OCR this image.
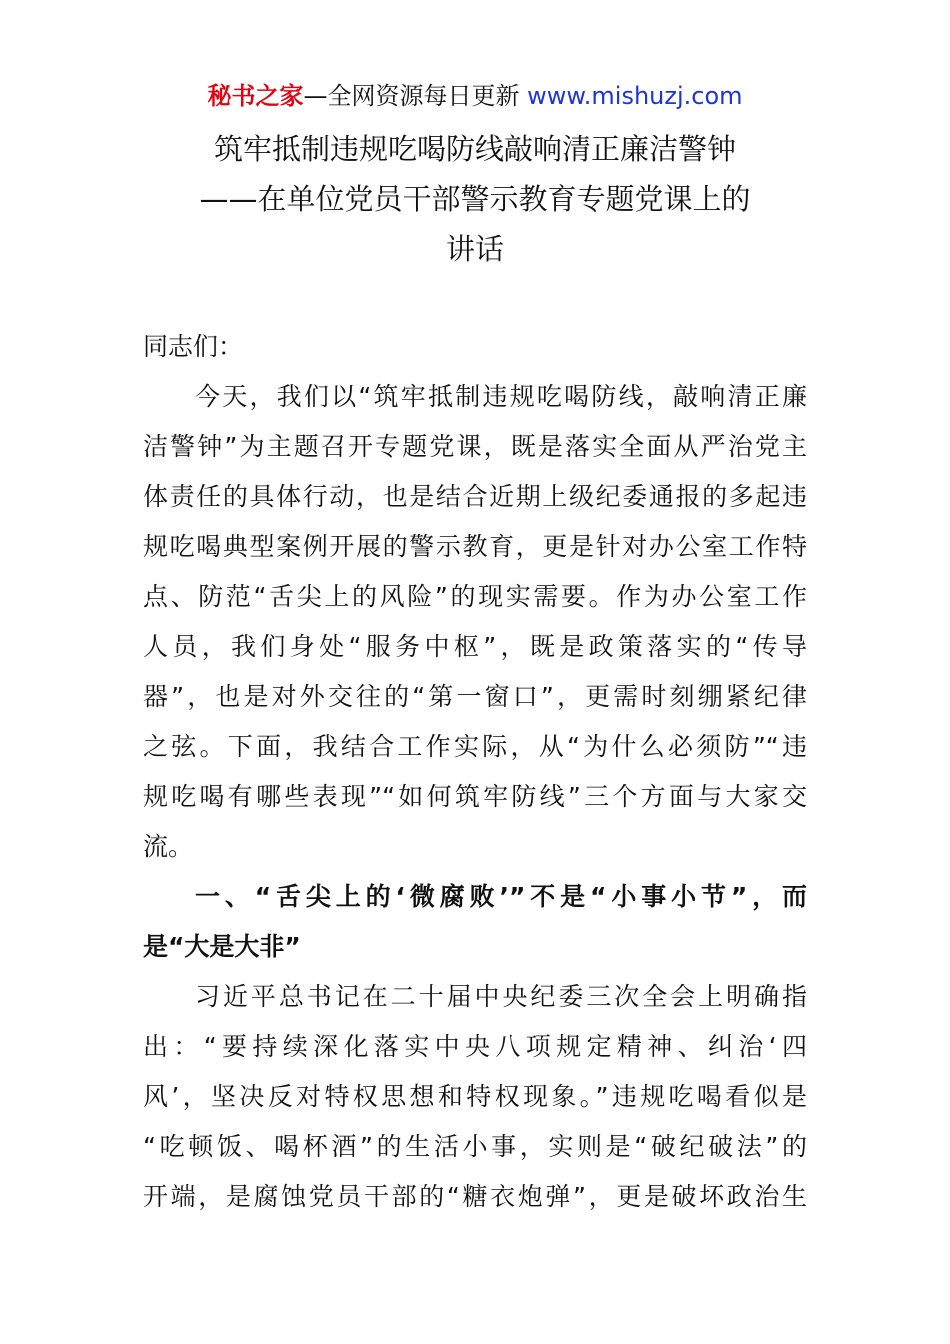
秘书之家—全网资源每日更新 www.mishuzj.com
筑牢抵制违规吃喝防线敲响清正廉洁警钟
——在单位党员干部警示教育专题党课上的
讲话
同志们：
今天，我们以“筑牢抵制违规吃喝防线，敲响清正廉
洁警钟”为主题召开专题党课，既是落实全面从严治党主
体责任的具体行动，也是结合近期上级纪委通报的多起违
规吃喝典型案例开展的警示教育，更是针对办公室工作特
点、防范“舌尖上的风险”的现实需要。作为办公室工作
人员，我们身处“服务中枢”，既是政策落实的“传导
器”，也是对外交往的“第一窗口”，更需时刻绷紧纪律
之弦。下面，我结合工作实际，从“为什么必须防”“违
规吃喝有哪些表现”“如何筑牢防线”三个方面与大家交
流。
一、“舌尖上的‘微腐败’”不是“小事小节”，而
是“大是大非”
习近平总书记在二十届中央纪委三次全会上明确指
出：“要持续深化落实中央八项规定精神、纠治‘四
风’，坚决反对特权思想和特权现象。”违规吃喝看似是
“吃顿饭、喝杯酒”的生活小事，实则是“破纪破法”的
开端，是腐蚀党员干部的“糖衣炮弹”，更是破坏政治生
